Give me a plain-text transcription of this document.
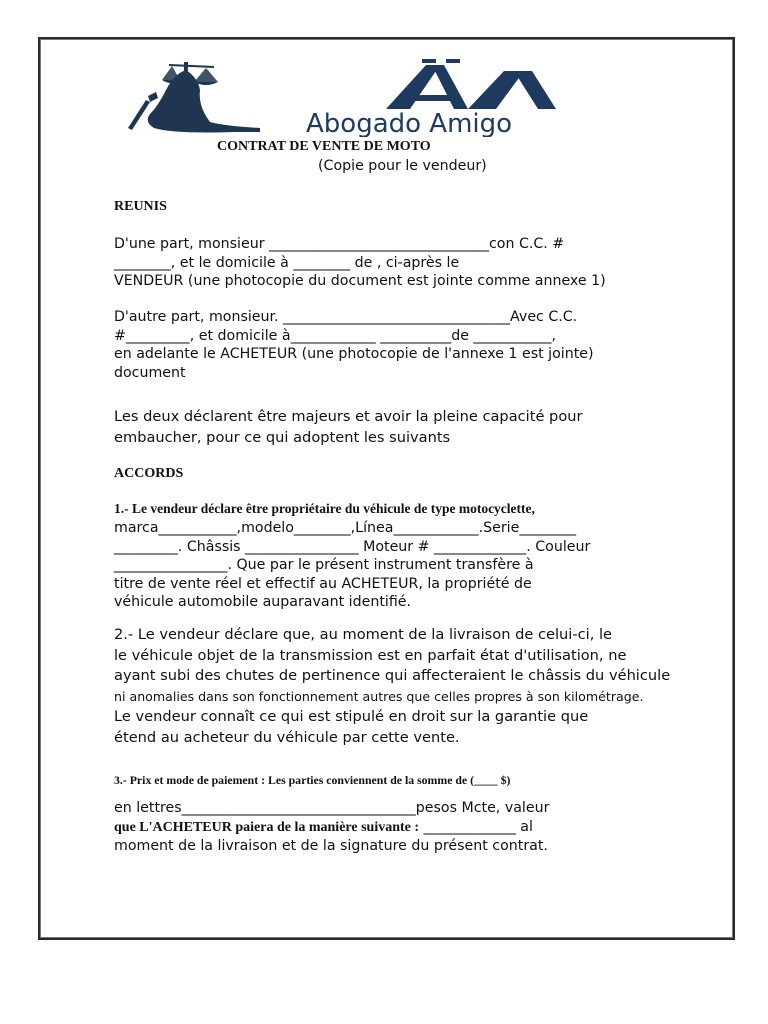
Abogado Amigo
CONTRAT DE VENTE DE MOTO
(Copie pour le vendeur)
REUNIS
D'une part, monsieur _______________________________con C.C. #
________, et le domicile à ________ de , ci-après le
VENDEUR (une photocopie du document est jointe comme annexe 1)
D'autre part, monsieur. ________________________________Avec C.C.
#_________, et domicile à____________ __________de ___________,
en adelante le ACHETEUR (une photocopie de l'annexe 1 est jointe)
document
Les deux déclarent être majeurs et avoir la pleine capacité pour
embaucher, pour ce qui adoptent les suivants
ACCORDS
1.- Le vendeur déclare être propriétaire du véhicule de type motocyclette,
marca___________,modelo________,Línea____________.Serie________
_________. Châssis ________________ Moteur # _____________. Couleur
________________. Que par le présent instrument transfère à
titre de vente réel et effectif au ACHETEUR, la propriété de
véhicule automobile auparavant identifié.
2.- Le vendeur déclare que, au moment de la livraison de celui-ci, le
le véhicule objet de la transmission est en parfait état d'utilisation, ne
ayant subi des chutes de pertinence qui affecteraient le châssis du véhicule
ni anomalies dans son fonctionnement autres que celles propres à son kilométrage.
Le vendeur connaît ce qui est stipulé en droit sur la garantie que
étend au acheteur du véhicule par cette vente.
3.- Prix et mode de paiement : Les parties conviennent de la somme de (____ $)
en lettres_________________________________pesos Mcte, valeur
que L'ACHETEUR paiera de la manière suivante : _____________ al
moment de la livraison et de la signature du présent contrat.
